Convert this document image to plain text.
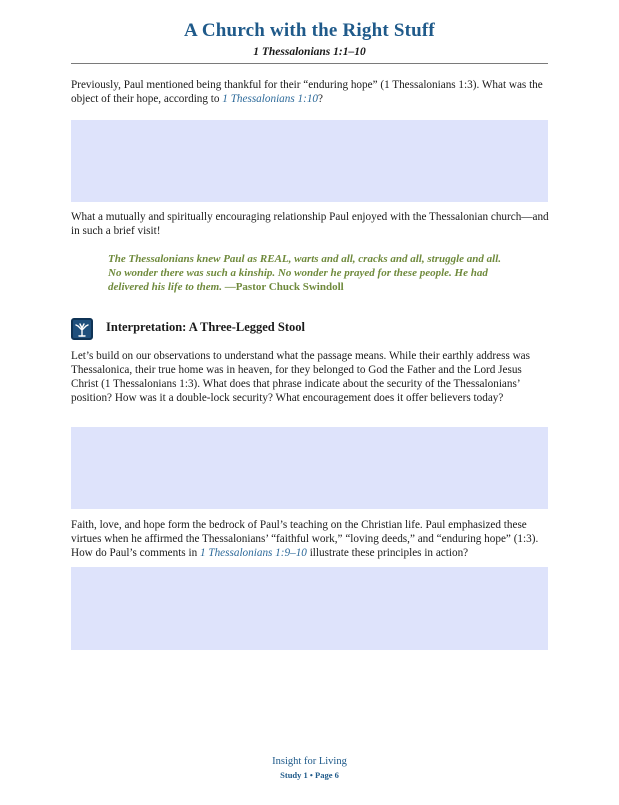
A Church with the Right Stuff
1 Thessalonians 1:1–10

Previously, Paul mentioned being thankful for their “enduring hope” (1 Thessalonians 1:3). What was the object of their hope, according to 1 Thessalonians 1:10?

What a mutually and spiritually encouraging relationship Paul enjoyed with the Thessalonian church—and in such a brief visit!

The Thessalonians knew Paul as REAL, warts and all, cracks and all, struggle and all. No wonder there was such a kinship. No wonder he prayed for these people. He had delivered his life to them. —Pastor Chuck Swindoll

Interpretation: A Three-Legged Stool

Let’s build on our observations to understand what the passage means. While their earthly address was Thessalonica, their true home was in heaven, for they belonged to God the Father and the Lord Jesus Christ (1 Thessalonians 1:3). What does that phrase indicate about the security of the Thessalonians’ position? How was it a double-lock security? What encouragement does it offer believers today?

Faith, love, and hope form the bedrock of Paul’s teaching on the Christian life. Paul emphasized these virtues when he affirmed the Thessalonians’ “faithful work,” “loving deeds,” and “enduring hope” (1:3). How do Paul’s comments in 1 Thessalonians 1:9–10 illustrate these principles in action?

Insight for Living
Study 1 • Page 6
